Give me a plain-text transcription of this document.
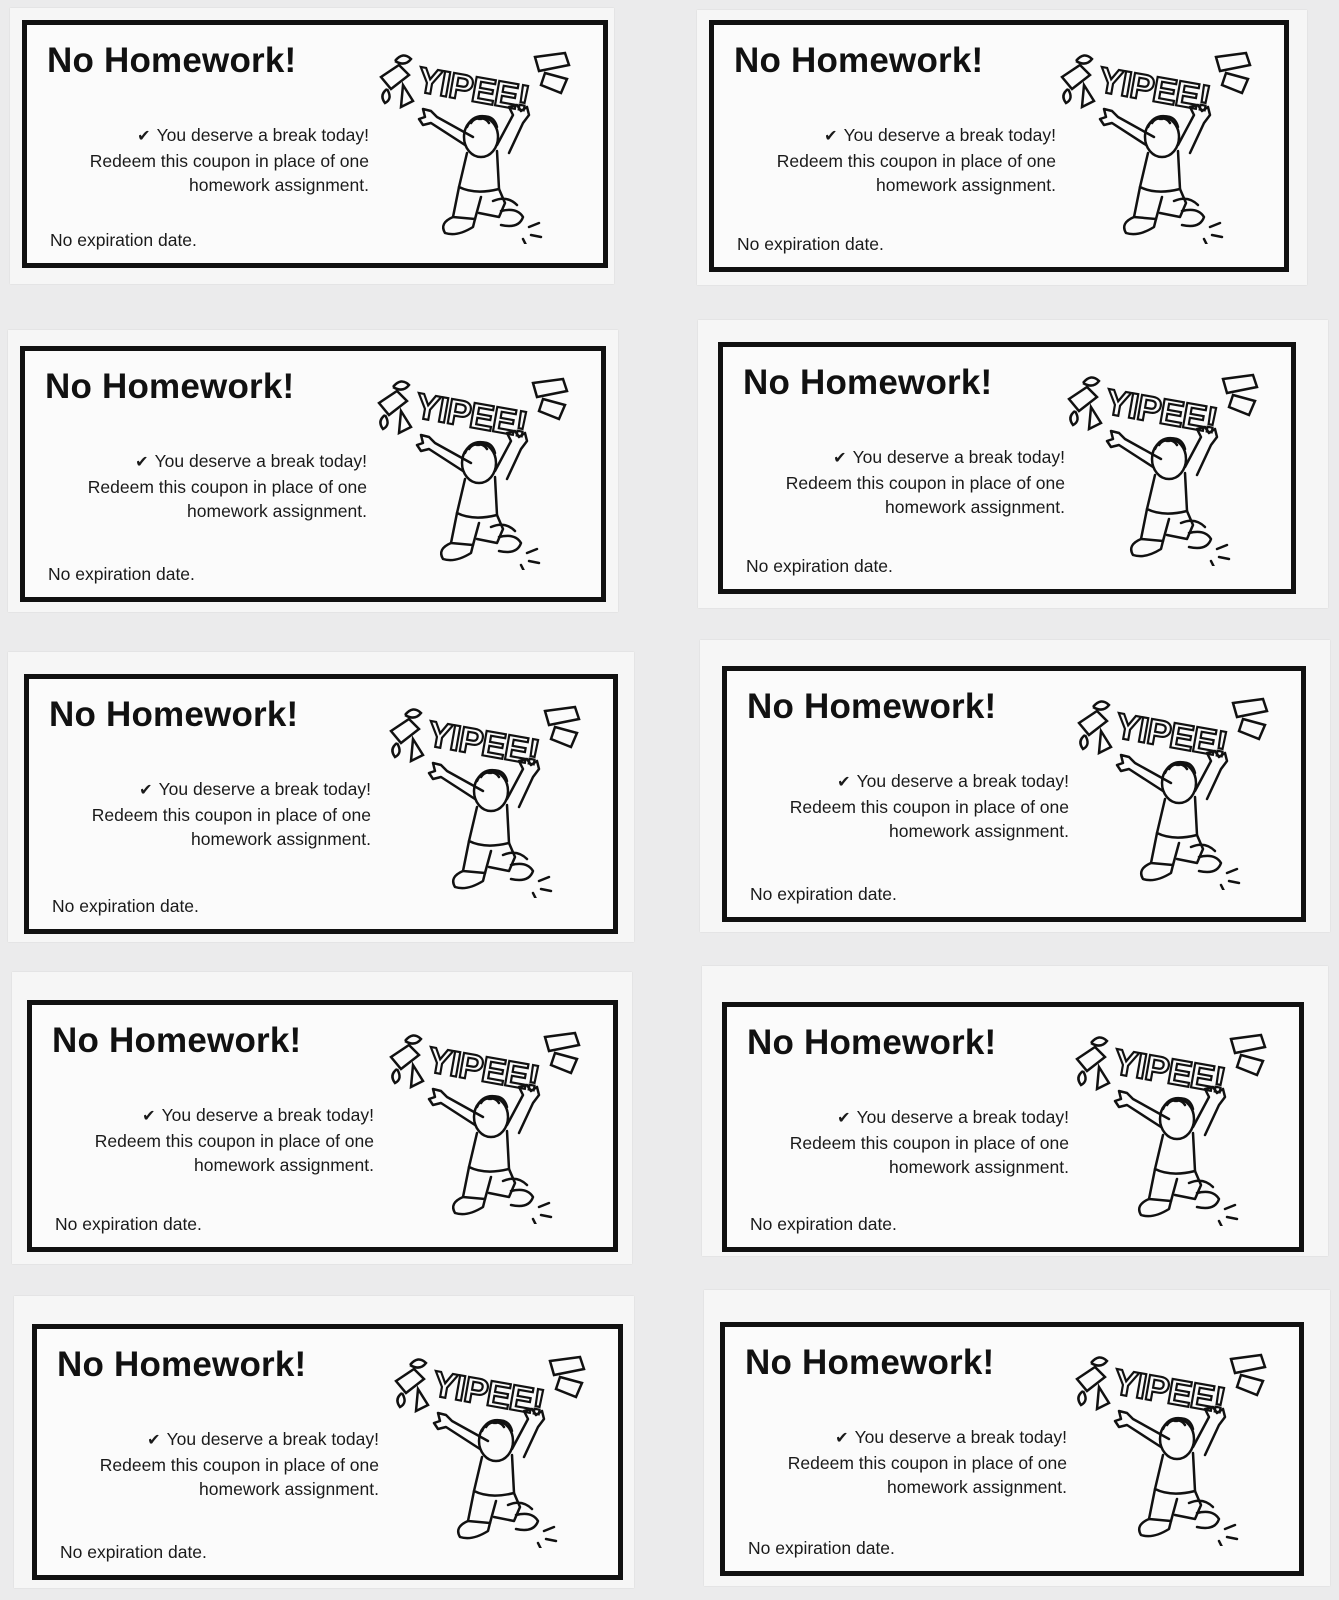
No Homework!
✔ You deserve a break today!
Redeem this coupon in place of one
homework assignment.
No expiration date.
YIPEE!	No Homework!
✔ You deserve a break today!
Redeem this coupon in place of one
homework assignment.
No expiration date.
YIPEE!
No Homework!
✔ You deserve a break today!
Redeem this coupon in place of one
homework assignment.
No expiration date.
YIPEE!
No Homework!
✔ You deserve a break today!
Redeem this coupon in place of one
homework assignment.
No expiration date.
YIPEE!
No Homework!
✔ You deserve a break today!
Redeem this coupon in place of one
homework assignment.
No expiration date.
YIPEE!
No Homework!
✔ You deserve a break today!
Redeem this coupon in place of one
homework assignment.
No expiration date.
YIPEE!
No Homework!
✔ You deserve a break today!
Redeem this coupon in place of one
homework assignment.
No expiration date.
YIPEE!	No Homework!
✔ You deserve a break today!
Redeem this coupon in place of one
homework assignment.
No expiration date.
YIPEE!
No Homework!
✔ You deserve a break today!
Redeem this coupon in place of one
homework assignment.
No expiration date.
YIPEE!
No Homework!
✔ You deserve a break today!
Redeem this coupon in place of one
homework assignment.
No expiration date.
YIPEE!
